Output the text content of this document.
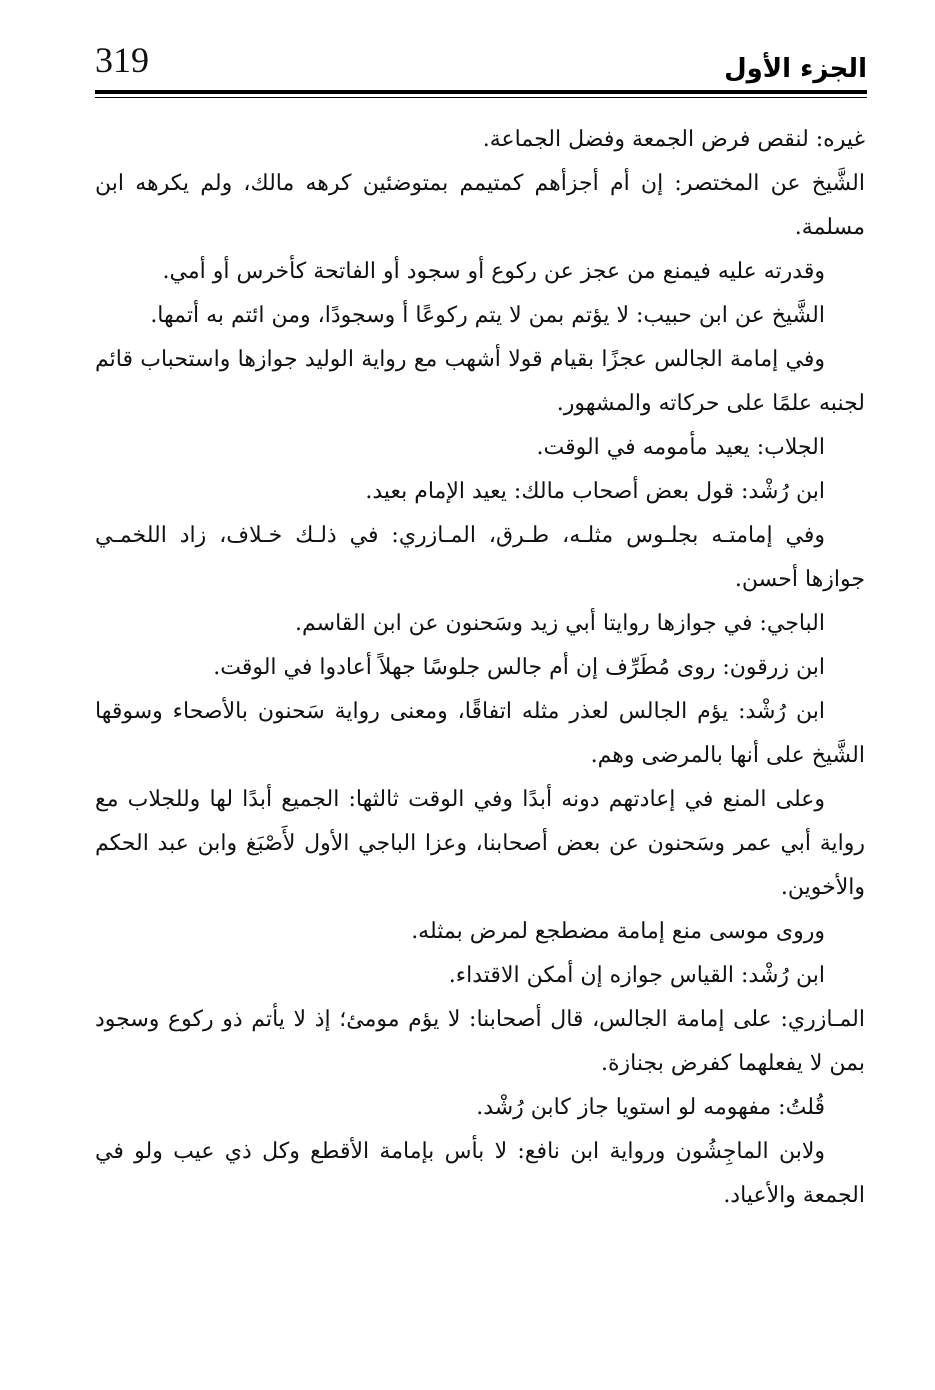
319	الجزء الأول

غيره: لنقص فرض الجمعة وفضل الجماعة.

الشَّيخ عن المختصر: إن أم أجزأهم كمتيمم بمتوضئين كرهه مالك، ولم يكرهه ابن مسلمة.

وقدرته عليه فيمنع من عجز عن ركوع أو سجود أو الفاتحة كأخرس أو أمي.

الشَّيخ عن ابن حبيب: لا يؤتم بمن لا يتم ركوعًا أ وسجودًا، ومن ائتم به أتمها.

وفي إمامة الجالس عجزًا بقيام قولا أشهب مع رواية الوليد جوازها واستحباب قائم لجنبه علمًا على حركاته والمشهور.

الجلاب: يعيد مأمومه في الوقت.

ابن رُشْد: قول بعض أصحاب مالك: يعيد الإمام بعيد.

وفي إمامتـه بجلـوس مثلـه، طـرق، المـازري: في ذلـك خـلاف، زاد اللخمـي جوازها أحسن.

الباجي: في جوازها روايتا أبي زيد وسَحنون عن ابن القاسم.

ابن زرقون: روى مُطَرِّف إن أم جالس جلوسًا جهلاً أعادوا في الوقت.

ابن رُشْد: يؤم الجالس لعذر مثله اتفاقًا، ومعنى رواية سَحنون بالأصحاء وسوقها الشَّيخ على أنها بالمرضى وهم.

وعلى المنع في إعادتهم دونه أبدًا وفي الوقت ثالثها: الجميع أبدًا لها وللجلاب مع رواية أبي عمر وسَحنون عن بعض أصحابنا، وعزا الباجي الأول لأَصْبَغ وابن عبد الحكم والأخوين.

وروى موسى منع إمامة مضطجع لمرض بمثله.

ابن رُشْد: القياس جوازه إن أمكن الاقتداء.

المـازري: على إمامة الجالس، قال أصحابنا: لا يؤم مومئ؛ إذ لا يأتم ذو ركوع وسجود بمن لا يفعلهما كفرض بجنازة.

قُلتُ: مفهومه لو استويا جاز كابن رُشْد.

ولابن الماجِشُون ورواية ابن نافع: لا بأس بإمامة الأقطع وكل ذي عيب ولو في الجمعة والأعياد.
